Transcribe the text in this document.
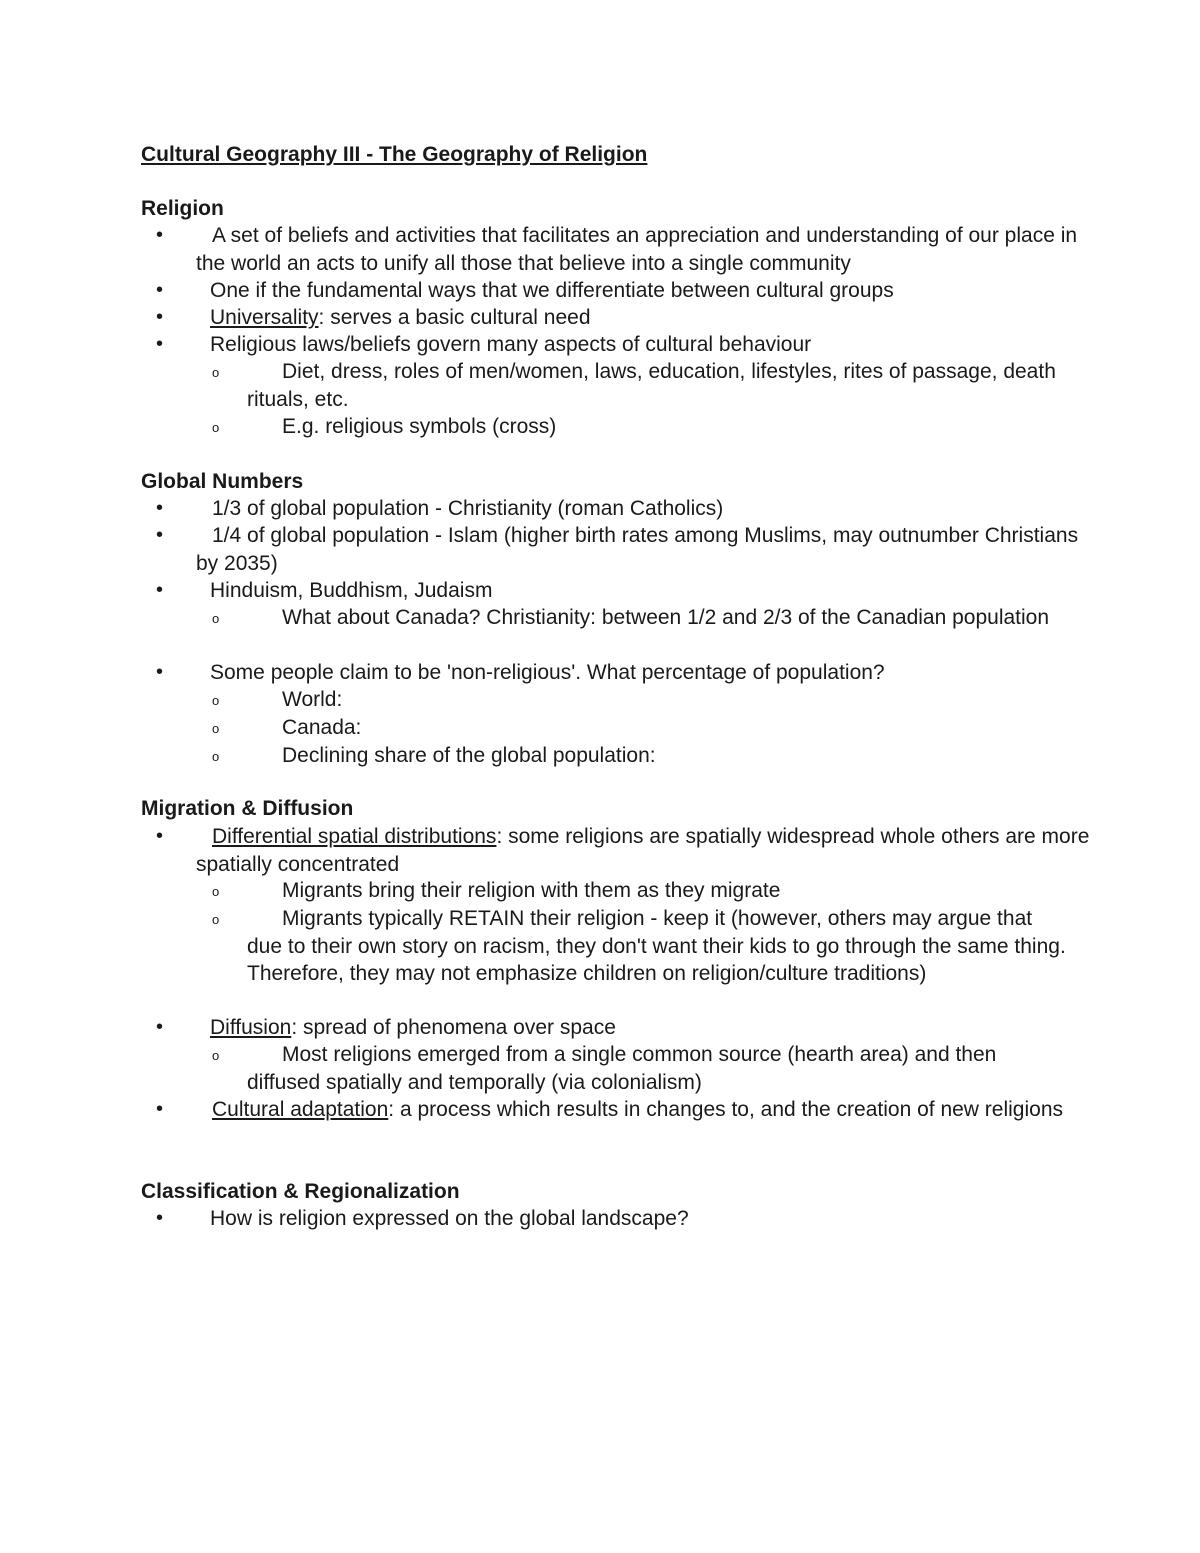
Cultural Geography III - The Geography of Religion
Religion
• A set of beliefs and activities that facilitates an appreciation and understanding of our place in the world an acts to unify all those that believe into a single community
• One if the fundamental ways that we differentiate between cultural groups
• Universality: serves a basic cultural need
• Religious laws/beliefs govern many aspects of cultural behaviour
o	Diet, dress, roles of men/women, laws, education, lifestyles, rites of passage, death rituals, etc.
o	E.g. religious symbols (cross)
Global Numbers
• 1/3 of global population - Christianity (roman Catholics)
• 1/4 of global population - Islam (higher birth rates among Muslims, may outnumber Christians by 2035)
• Hinduism, Buddhism, Judaism
o	What about Canada? Christianity: between 1/2 and 2/3 of the Canadian population
• Some people claim to be 'non-religious'. What percentage of population?
o	World:
o	Canada:
o	Declining share of the global population:
Migration & Diffusion
• Differential spatial distributions: some religions are spatially widespread whole others are more spatially concentrated
o	Migrants bring their religion with them as they migrate
o	Migrants typically RETAIN their religion - keep it (however, others may argue that due to their own story on racism, they don't want their kids to go through the same thing. Therefore, they may not emphasize children on religion/culture traditions)
• Diffusion: spread of phenomena over space
o	Most religions emerged from a single common source (hearth area) and then diffused spatially and temporally (via colonialism)
• Cultural adaptation: a process which results in changes to, and the creation of new religions
Classification & Regionalization
• How is religion expressed on the global landscape?
